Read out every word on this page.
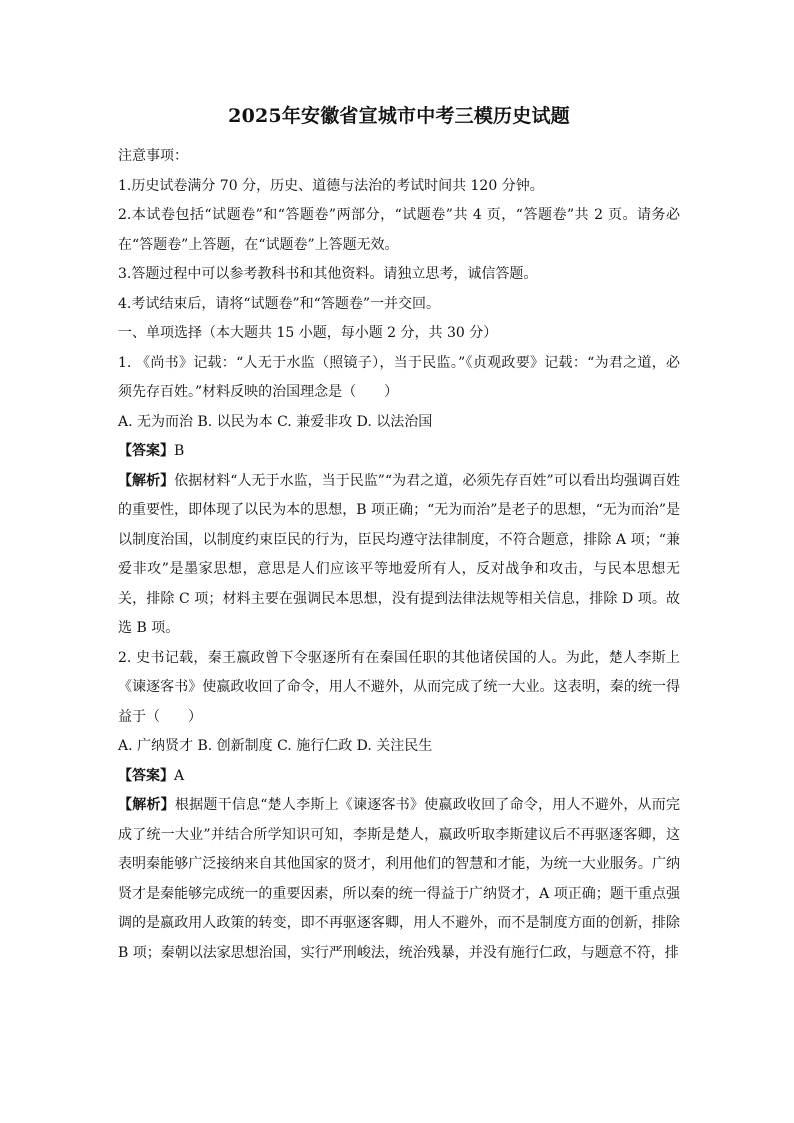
2025年安徽省宣城市中考三模历史试题
注意事项：
1.历史试卷满分 70 分，历史、道德与法治的考试时间共 120 分钟。
2.本试卷包括“试题卷”和“答题卷”两部分，“试题卷”共 4 页，“答题卷”共 2 页。请务必在“答题卷”上答题，在“试题卷”上答题无效。
3.答题过程中可以参考教科书和其他资料。请独立思考，诚信答题。
4.考试结束后，请将“试题卷”和“答题卷”一并交回。
一、单项选择（本大题共 15 小题，每小题 2 分，共 30 分）
1. 《尚书》记载：“人无于水监（照镜子），当于民监。”《贞观政要》记载：“为君之道，必须先存百姓。”材料反映的治国理念是（　　）
A. 无为而治 B. 以民为本 C. 兼爱非攻 D. 以法治国
【答案】B
【解析】依据材料“人无于水监，当于民监”“为君之道，必须先存百姓”可以看出均强调百姓的重要性，即体现了以民为本的思想，B 项正确；“无为而治”是老子的思想，“无为而治”是以制度治国，以制度约束臣民的行为，臣民均遵守法律制度，不符合题意，排除 A 项；“兼爱非攻”是墨家思想，意思是人们应该平等地爱所有人，反对战争和攻击，与民本思想无关，排除 C 项；材料主要在强调民本思想，没有提到法律法规等相关信息，排除 D 项。故选 B 项。
2. 史书记载，秦王嬴政曾下令驱逐所有在秦国任职的其他诸侯国的人。为此，楚人李斯上《谏逐客书》使嬴政收回了命令，用人不避外，从而完成了统一大业。这表明，秦的统一得益于（　　）
A. 广纳贤才 B. 创新制度 C. 施行仁政 D. 关注民生
【答案】A
【解析】根据题干信息“楚人李斯上《谏逐客书》使嬴政收回了命令，用人不避外，从而完成了统一大业”并结合所学知识可知，李斯是楚人，嬴政听取李斯建议后不再驱逐客卿，这表明秦能够广泛接纳来自其他国家的贤才，利用他们的智慧和才能，为统一大业服务。广纳贤才是秦能够完成统一的重要因素，所以秦的统一得益于广纳贤才，A 项正确；题干重点强调的是嬴政用人政策的转变，即不再驱逐客卿，用人不避外，而不是制度方面的创新，排除 B 项；秦朝以法家思想治国，实行严刑峻法，统治残暴，并没有施行仁政，与题意不符，排
